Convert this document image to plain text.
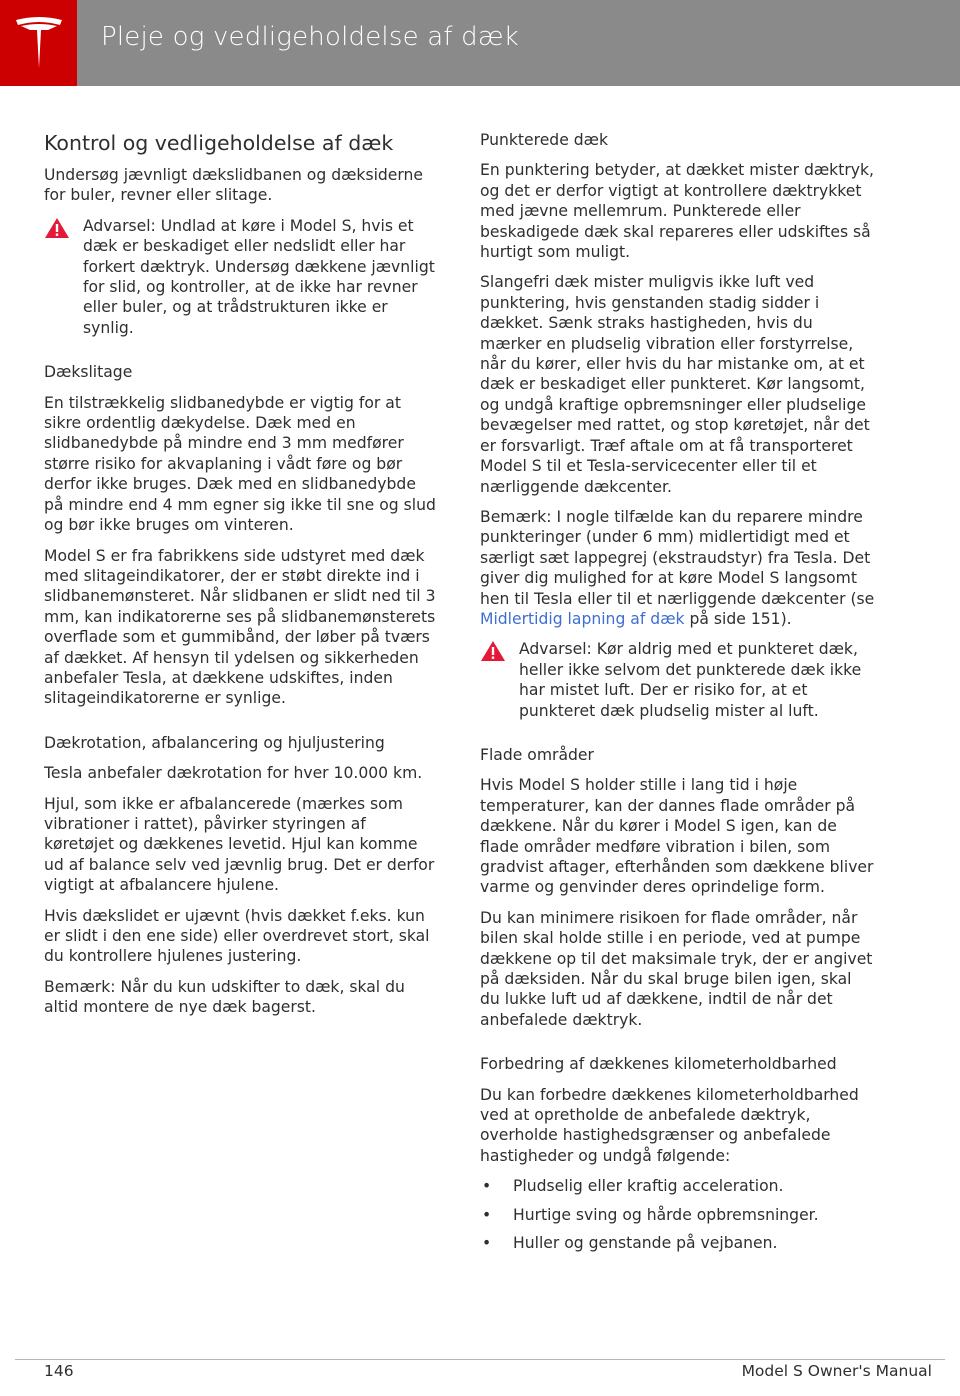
Pleje og vedligeholdelse af dæk
Kontrol og vedligeholdelse af dæk

Undersøg jævnligt dækslidbanen og dæksiderne for buler, revner eller slitage.

Advarsel: Undlad at køre i Model S, hvis et dæk er beskadiget eller nedslidt eller har forkert dæktryk. Undersøg dækkene jævnligt for slid, og kontroller, at de ikke har revner eller buler, og at trådstrukturen ikke er synlig.
Dækslitage

En tilstrækkelig slidbanedybde er vigtig for at sikre ordentlig dækydelse. Dæk med en slidbanedybde på mindre end 3 mm medfører større risiko for akvaplaning i vådt føre og bør derfor ikke bruges. Dæk med en slidbanedybde på mindre end 4 mm egner sig ikke til sne og slud og bør ikke bruges om vinteren.

Model S er fra fabrikkens side udstyret med dæk med slitageindikatorer, der er støbt direkte ind i slidbanemønsteret. Når slidbanen er slidt ned til 3 mm, kan indikatorerne ses på slidbanemønsterets overflade som et gummibånd, der løber på tværs af dækket. Af hensyn til ydelsen og sikkerheden anbefaler Tesla, at dækkene udskiftes, inden slitageindikatorerne er synlige.

Dækrotation, afbalancering og hjuljustering

Tesla anbefaler dækrotation for hver 10.000 km.

Hjul, som ikke er afbalancerede (mærkes som vibrationer i rattet), påvirker styringen af køretøjet og dækkenes levetid. Hjul kan komme ud af balance selv ved jævnlig brug. Det er derfor vigtigt at afbalancere hjulene.

Hvis dækslidet er ujævnt (hvis dækket f.eks. kun er slidt i den ene side) eller overdrevet stort, skal du kontrollere hjulenes justering.

Bemærk: Når du kun udskifter to dæk, skal du altid montere de nye dæk bagerst.

Punkterede dæk

En punktering betyder, at dækket mister dæktryk, og det er derfor vigtigt at kontrollere dæktrykket med jævne mellemrum. Punkterede eller beskadigede dæk skal repareres eller udskiftes så hurtigt som muligt.

Slangefri dæk mister muligvis ikke luft ved punktering, hvis genstanden stadig sidder i dækket. Sænk straks hastigheden, hvis du mærker en pludselig vibration eller forstyrrelse, når du kører, eller hvis du har mistanke om, at et dæk er beskadiget eller punkteret. Kør langsomt, og undgå kraftige opbremsninger eller pludselige bevægelser med rattet, og stop køretøjet, når det er forsvarligt. Træf aftale om at få transporteret Model S til et Tesla-servicecenter eller til et nærliggende dækcenter.

Bemærk: I nogle tilfælde kan du reparere mindre punkteringer (under 6 mm) midlertidigt med et særligt sæt lappegrej (ekstraudstyr) fra Tesla. Det giver dig mulighed for at køre Model S langsomt hen til Tesla eller til et nærliggende dækcenter (se Midlertidig lapning af dæk på side 151).

Advarsel: Kør aldrig med et punkteret dæk, heller ikke selvom det punkterede dæk ikke har mistet luft. Der er risiko for, at et punkteret dæk pludselig mister al luft.
Flade områder

Hvis Model S holder stille i lang tid i høje temperaturer, kan der dannes flade områder på dækkene. Når du kører i Model S igen, kan de flade områder medføre vibration i bilen, som gradvist aftager, efterhånden som dækkene bliver varme og genvinder deres oprindelige form.

Du kan minimere risikoen for flade områder, når bilen skal holde stille i en periode, ved at pumpe dækkene op til det maksimale tryk, der er angivet på dæksiden. Når du skal bruge bilen igen, skal du lukke luft ud af dækkene, indtil de når det anbefalede dæktryk.

Forbedring af dækkenes kilometerholdbarhed

Du kan forbedre dækkenes kilometerholdbarhed ved at opretholde de anbefalede dæktryk, overholde hastighedsgrænser og anbefalede hastigheder og undgå følgende:

• Pludselig eller kraftig acceleration.
• Hurtige sving og hårde opbremsninger.
• Huller og genstande på vejbanen.
146	Model S Owner's Manual
